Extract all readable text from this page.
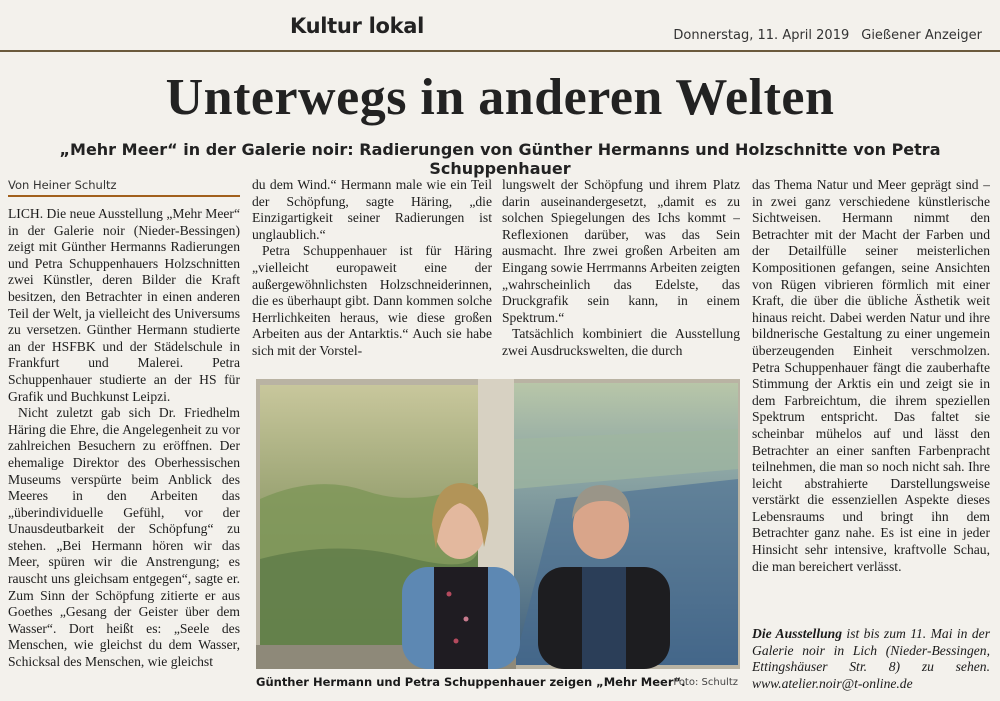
Kultur lokal	Donnerstag, 11. April 2019 Gießener Anzeiger
Unterwegs in anderen Welten
„Mehr Meer“ in der Galerie noir: Radierungen von Günther Hermanns und Holzschnitte von Petra Schuppenhauer
Von Heiner Schultz

LICH. Die neue Ausstellung „Mehr Meer“ in der Galerie noir (Nieder-Bessingen) zeigt mit Günther Hermanns Radierungen und Petra Schuppenhauers Holzschnitten zwei Künstler, deren Bilder die Kraft besitzen, den Betrachter in einen anderen Teil der Welt, ja vielleicht des Universums zu versetzen. Günther Hermann studierte an der HSFBK und der Städelschule in Frankfurt und Malerei. Petra Schuppenhauer studierte an der HS für Grafik und Buchkunst Leipzi.

Nicht zuletzt gab sich Dr. Friedhelm Häring die Ehre, die Angelegenheit zu vor zahlreichen Besuchern zu eröffnen. Der ehemalige Direktor des Oberhessischen Museums verspürte beim Anblick des Meeres in den Arbeiten das „überindividuelle Gefühl, vor der Unausdeutbarkeit der Schöpfung“ zu stehen. „Bei Hermann hören wir das Meer, spüren wir die Anstrengung; es rauscht uns gleichsam entgegen“, sagte er. Zum Sinn der Schöpfung zitierte er aus Goethes „Gesang der Geister über dem Wasser“. Dort heißt es: „Seele des Menschen, wie gleichst du dem Wasser, Schicksal des Menschen, wie gleichst

du dem Wind.“ Hermann male wie ein Teil der Schöpfung, sagte Häring, „die Einzigartigkeit seiner Radierungen ist unglaublich.“

Petra Schuppenhauer ist für Häring „vielleicht europaweit eine der außergewöhnlichsten Holzschneiderinnen, die es überhaupt gibt. Dann kommen solche Herrlichkeiten heraus, wie diese großen Arbeiten aus der Antarktis.“ Auch sie habe sich mit der Vorstel-

lungswelt der Schöpfung und ihrem Platz darin auseinandergesetzt, „damit es zu solchen Spiegelungen des Ichs kommt – Reflexionen darüber, was das Sein ausmacht. Ihre zwei großen Arbeiten am Eingang sowie Herrmanns Arbeiten zeigten „wahrscheinlich das Edelste, das Druckgrafik sein kann, in einem Spektrum.“

Tatsächlich kombiniert die Ausstellung zwei Ausdruckswelten, die durch

das Thema Natur und Meer geprägt sind – in zwei ganz verschiedene künstlerische Sichtweisen. Hermann nimmt den Betrachter mit der Macht der Farben und der Detailfülle seiner meisterlichen Kompositionen gefangen, seine Ansichten von Rügen vibrieren förmlich mit einer Kraft, die über die übliche Ästhetik weit hinaus reicht. Dabei werden Natur und ihre bildnerische Gestaltung zu einer ungemein überzeugenden Einheit verschmolzen. Petra Schuppenhauer fängt die zauberhafte Stimmung der Arktis ein und zeigt sie in dem Farbreichtum, die ihrem speziellen Spektrum entspricht. Das faltet sie scheinbar mühelos auf und lässt den Betrachter an einer sanften Farbenpracht teilnehmen, die man so noch nicht sah. Ihre leicht abstrahierte Darstellungsweise verstärkt die essenziellen Aspekte dieses Lebensraums und bringt ihn dem Betrachter ganz nahe. Es ist eine in jeder Hinsicht sehr intensive, kraftvolle Schau, die man bereichert verlässt.

Die Ausstellung ist bis zum 11. Mai in der Galerie noir in Lich (Nieder-Bessingen, Ettingshäuser Str. 8) zu sehen. www.atelier.noir@t-online.de
Günther Hermann und Petra Schuppenhauer zeigen „Mehr Meer“.
Foto: Schultz
